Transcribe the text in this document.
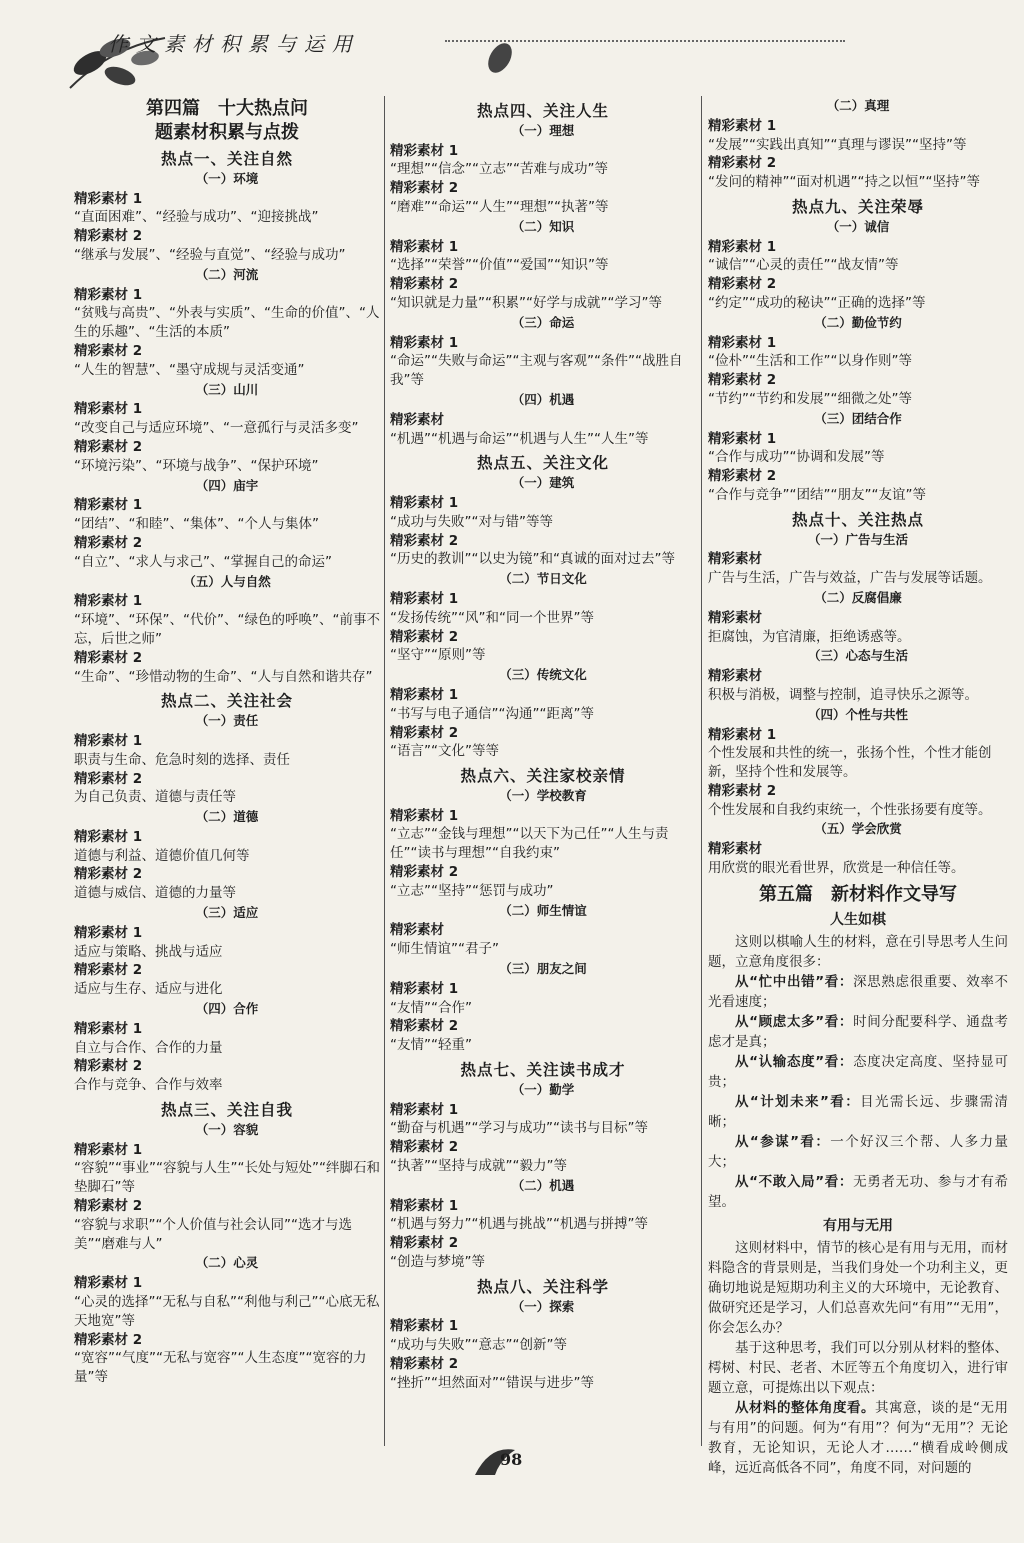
作文素材积累与运用
第四篇　十大热点问
题素材积累与点拨
热点一、关注自然
（一）环境
精彩素材 1
“直面困难”、“经验与成功”、“迎接挑战”
精彩素材 2
“继承与发展”、“经验与直觉”、“经验与成功”
（二）河流
精彩素材 1
“贫贱与高贵”、“外表与实质”、“生命的价值”、“人生的乐趣”、“生活的本质”
精彩素材 2
“人生的智慧”、“墨守成规与灵活变通”
（三）山川
精彩素材 1
“改变自己与适应环境”、“一意孤行与灵活多变”
精彩素材 2
“环境污染”、“环境与战争”、“保护环境”
（四）庙宇
精彩素材 1
“团结”、“和睦”、“集体”、“个人与集体”
精彩素材 2
“自立”、“求人与求己”、“掌握自己的命运”
（五）人与自然
精彩素材 1
“环境”、“环保”、“代价”、“绿色的呼唤”、“前事不忘，后世之师”
精彩素材 2
“生命”、“珍惜动物的生命”、“人与自然和谐共存”
热点二、关注社会
（一）责任
精彩素材 1
职责与生命、危急时刻的选择、责任
精彩素材 2
为自己负责、道德与责任等
（二）道德
精彩素材 1
道德与利益、道德价值几何等
精彩素材 2
道德与威信、道德的力量等
（三）适应
精彩素材 1
适应与策略、挑战与适应
精彩素材 2
适应与生存、适应与进化
（四）合作
精彩素材 1
自立与合作、合作的力量
精彩素材 2
合作与竞争、合作与效率
热点三、关注自我
（一）容貌
精彩素材 1
“容貌”“事业”“容貌与人生”“长处与短处”“绊脚石和垫脚石”等
精彩素材 2
“容貌与求职”“个人价值与社会认同”“选才与选美”“磨难与人”
（二）心灵
精彩素材 1
“心灵的选择”“无私与自私”“利他与利己”“心底无私天地宽”等
精彩素材 2
“宽容”“气度”“无私与宽容”“人生态度”“宽容的力量”等
热点四、关注人生
（一）理想
精彩素材 1
“理想”“信念”“立志”“苦难与成功”等
精彩素材 2
“磨难”“命运”“人生”“理想”“执著”等
（二）知识
精彩素材 1
“选择”“荣誉”“价值”“爱国”“知识”等
精彩素材 2
“知识就是力量”“积累”“好学与成就”“学习”等
（三）命运
精彩素材 1
“命运”“失败与命运”“主观与客观”“条件”“战胜自我”等
（四）机遇
精彩素材
“机遇”“机遇与命运”“机遇与人生”“人生”等
热点五、关注文化
（一）建筑
精彩素材 1
“成功与失败”“对与错”等等
精彩素材 2
“历史的教训”“以史为镜”和“真诚的面对过去”等
（二）节日文化
精彩素材 1
“发扬传统”“风”和“同一个世界”等
精彩素材 2
“坚守”“原则”等
（三）传统文化
精彩素材 1
“书写与电子通信”“沟通”“距离”等
精彩素材 2
“语言”“文化”等等
热点六、关注家校亲情
（一）学校教育
精彩素材 1
“立志”“金钱与理想”“以天下为己任”“人生与责任”“读书与理想”“自我约束”
精彩素材 2
“立志”“坚持”“惩罚与成功”
（二）师生情谊
精彩素材
“师生情谊”“君子”
（三）朋友之间
精彩素材 1
“友情”“合作”
精彩素材 2
“友情”“轻重”
热点七、关注读书成才
（一）勤学
精彩素材 1
“勤奋与机遇”“学习与成功”“读书与目标”等
精彩素材 2
“执著”“坚持与成就”“毅力”等
（二）机遇
精彩素材 1
“机遇与努力”“机遇与挑战”“机遇与拼搏”等
精彩素材 2
“创造与梦境”等
热点八、关注科学
（一）探索
精彩素材 1
“成功与失败”“意志”“创新”等
精彩素材 2
“挫折”“坦然面对”“错误与进步”等
（二）真理
精彩素材 1
“发展”“实践出真知”“真理与谬误”“坚持”等
精彩素材 2
“发问的精神”“面对机遇”“持之以恒”“坚持”等
热点九、关注荣辱
（一）诚信
精彩素材 1
“诚信”“心灵的责任”“战友情”等
精彩素材 2
“约定”“成功的秘诀”“正确的选择”等
（二）勤俭节约
精彩素材 1
“俭朴”“生活和工作”“以身作则”等
精彩素材 2
“节约”“节约和发展”“细微之处”等
（三）团结合作
精彩素材 1
“合作与成功”“协调和发展”等
精彩素材 2
“合作与竞争”“团结”“朋友”“友谊”等
热点十、关注热点
（一）广告与生活
精彩素材
广告与生活，广告与效益，广告与发展等话题。
（二）反腐倡廉
精彩素材
拒腐蚀，为官清廉，拒绝诱惑等。
（三）心态与生活
精彩素材
积极与消极，调整与控制，追寻快乐之源等。
（四）个性与共性
精彩素材 1
个性发展和共性的统一，张扬个性，个性才能创新，坚持个性和发展等。
精彩素材 2
个性发展和自我约束统一，个性张扬要有度等。
（五）学会欣赏
精彩素材
用欣赏的眼光看世界，欣赏是一种信任等。
第五篇　新材料作文导写
人生如棋

这则以棋喻人生的材料，意在引导思考人生问题，立意角度很多：

从“忙中出错”看：深思熟虑很重要、效率不光看速度；

从“顾虑太多”看：时间分配要科学、通盘考虑才是真；

从“认输态度”看：态度决定高度、坚持显可贵；

从“计划未来”看：目光需长远、步骤需清晰；

从“参谋”看：一个好汉三个帮、人多力量大；

从“不敢入局”看：无勇者无功、参与才有希望。

有用与无用

这则材料中，情节的核心是有用与无用，而材料隐含的背景则是，当我们身处一个功利主义，更确切地说是短期功利主义的大环境中，无论教育、做研究还是学习，人们总喜欢先问“有用”“无用”，你会怎么办？

基于这种思考，我们可以分别从材料的整体、樗树、村民、老者、木匠等五个角度切入，进行审题立意，可提炼出以下观点：

从材料的整体角度看。其寓意，谈的是“无用与有用”的问题。何为“有用”？何为“无用”？无论教育，无论知识，无论人才……“横看成岭侧成峰，远近高低各不同”，角度不同，对问题的

98
